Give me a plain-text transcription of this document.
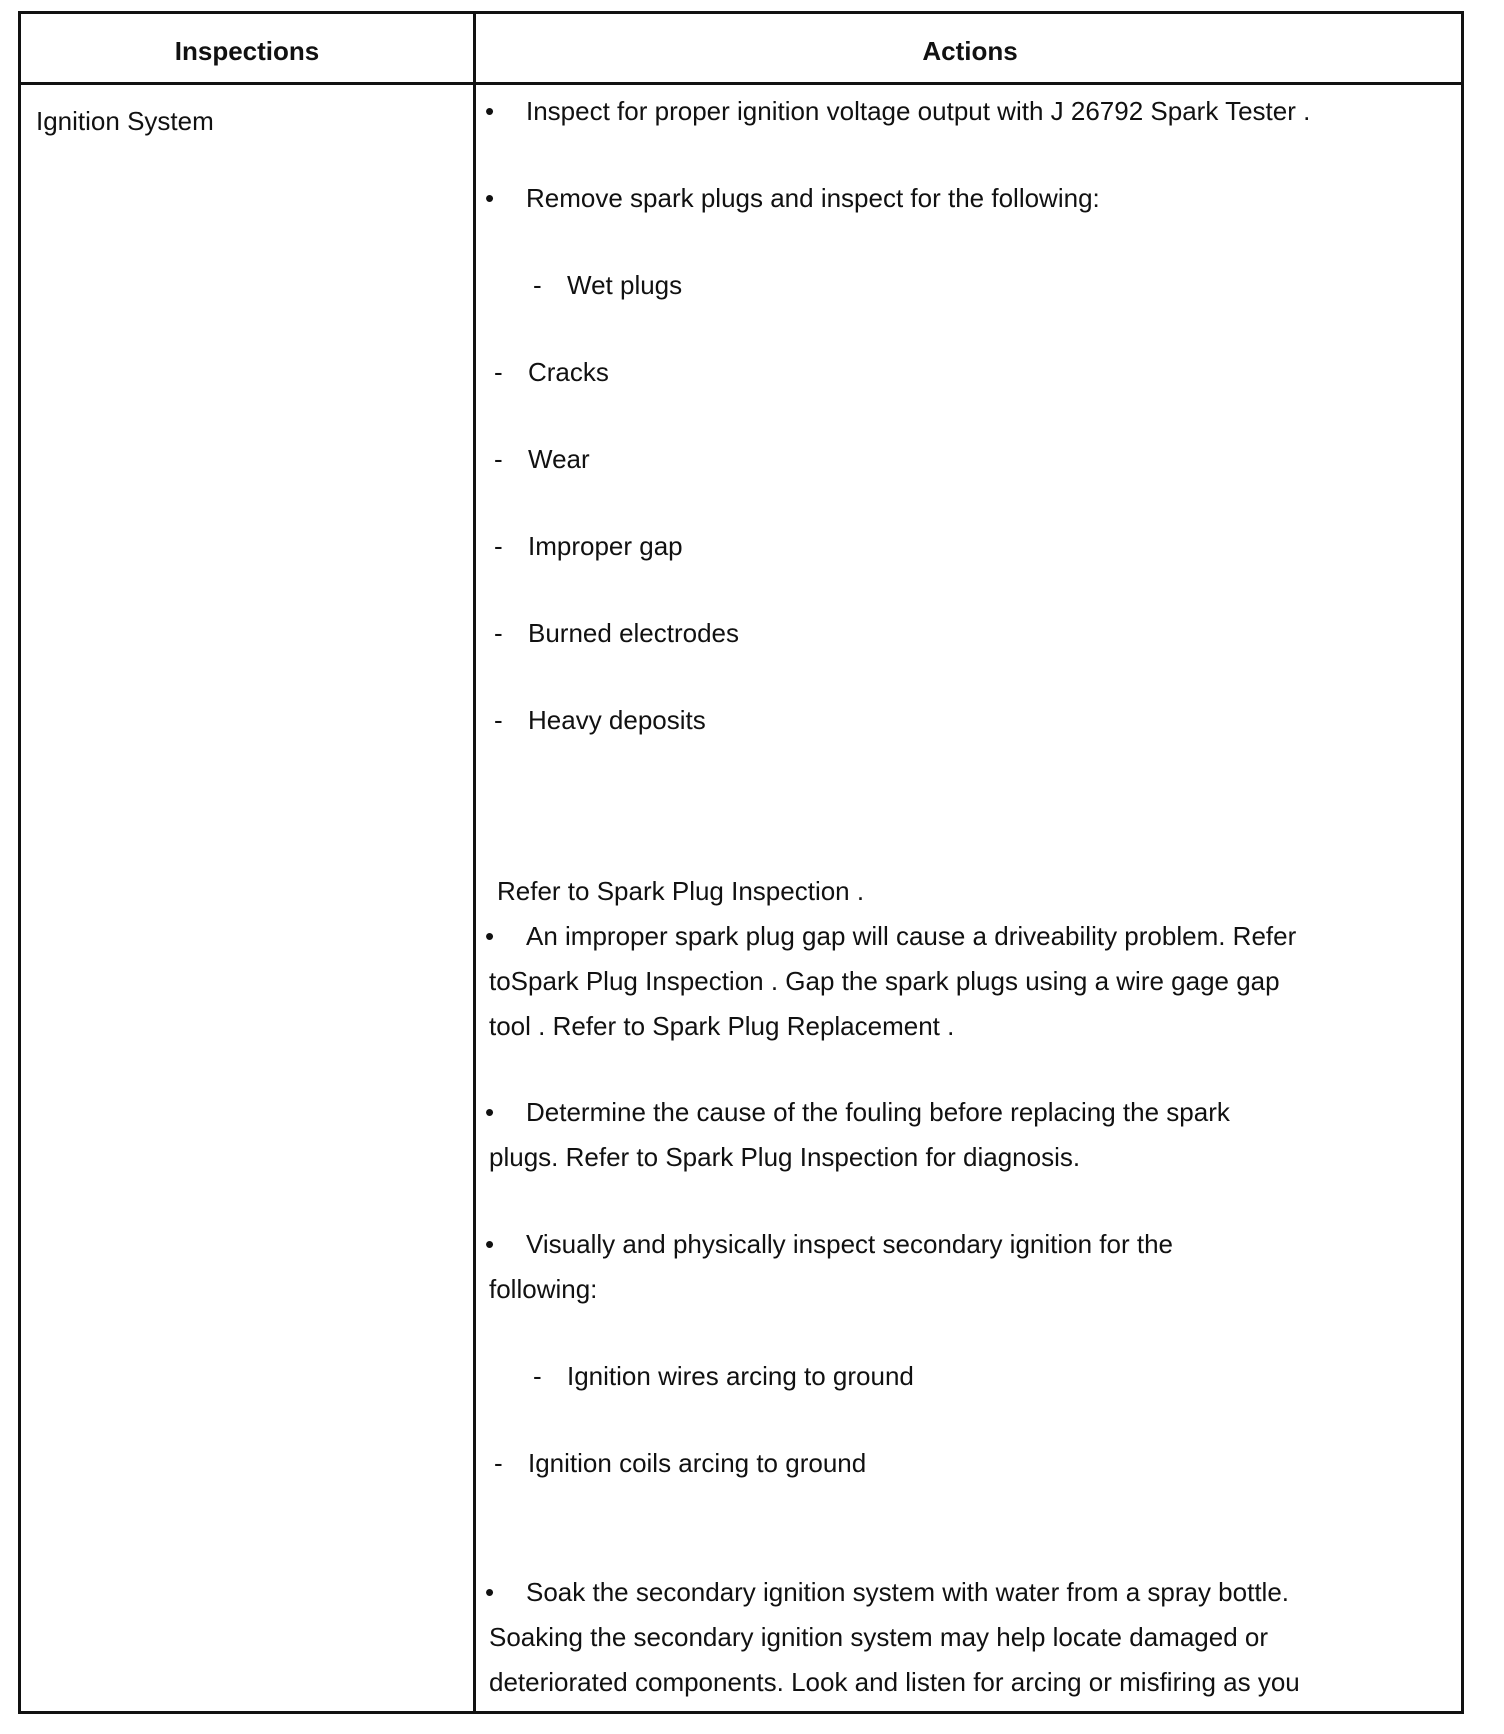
Inspections	Actions
Ignition System	• Inspect for proper ignition voltage output with J 26792 Spark Tester .
• Remove spark plugs and inspect for the following:
- Wet plugs
- Cracks
- Wear
- Improper gap
- Burned electrodes
- Heavy deposits
Refer to Spark Plug Inspection .
• An improper spark plug gap will cause a driveability problem. Refer
toSpark Plug Inspection . Gap the spark plugs using a wire gage gap
tool . Refer to Spark Plug Replacement .
• Determine the cause of the fouling before replacing the spark
plugs. Refer to Spark Plug Inspection for diagnosis.
• Visually and physically inspect secondary ignition for the
following:
- Ignition wires arcing to ground
- Ignition coils arcing to ground
• Soak the secondary ignition system with water from a spray bottle.
Soaking the secondary ignition system may help locate damaged or
deteriorated components. Look and listen for arcing or misfiring as you
